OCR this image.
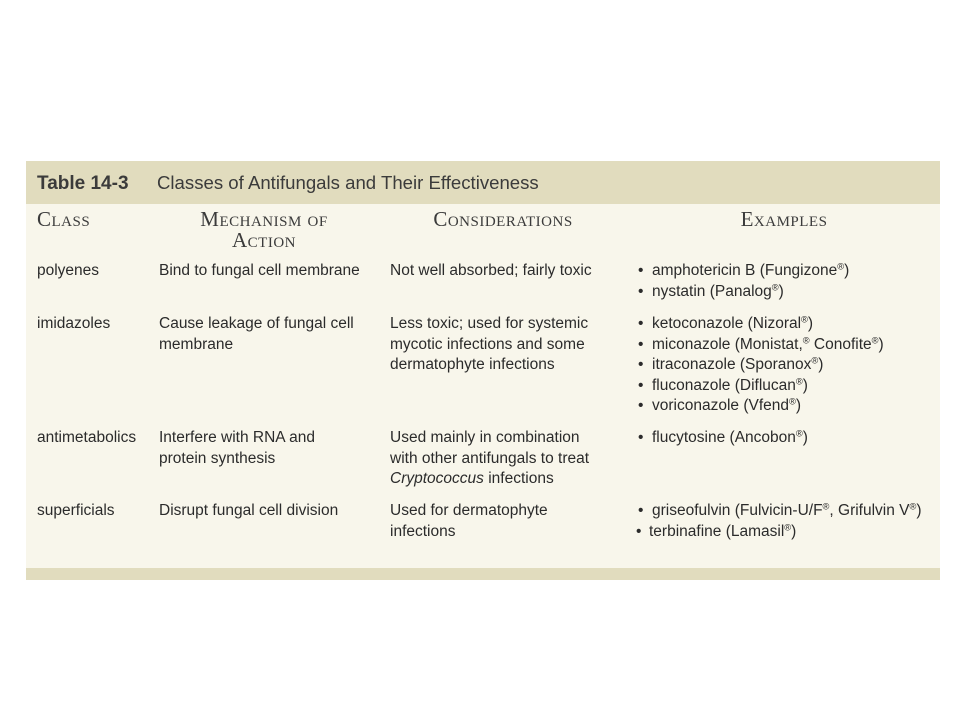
Table 14-3 Classes of Antifungals and Their Effectiveness
Class	Mechanism of Action
Considerations	Examples
polyenes	Bind to fungal cell membrane	Not well absorbed; fairly toxic
•	amphotericin B (Fungizone®)
• nystatin (Panalog®)
imidazoles	Cause leakage of fungal cell
membrane
Less toxic; used for systemic
mycotic infections and some
dermatophyte infections
• ketoconazole (Nizoral®)
• miconazole (Monistat,® Conofite®)
• itraconazole (Sporanox®)
• fluconazole (Diflucan®)
• voriconazole (Vfend®)
antimetabolics	Interfere with RNA and
protein synthesis
Used mainly in combination
with other antifungals to treat
Cryptococcus infections
• flucytosine (Ancobon®)
superficials	Disrupt fungal cell division	Used for dermatophyte
infections
• griseofulvin (Fulvicin-U/F®, Grifulvin V®)
• terbinafine (Lamasil®)
